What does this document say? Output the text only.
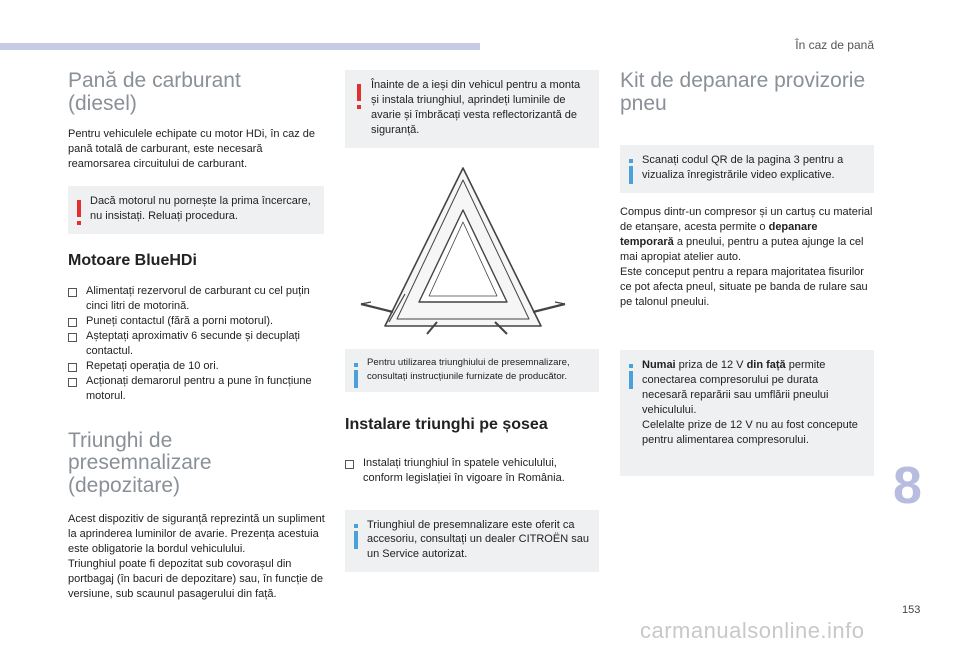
În caz de pană
8
153
carmanualsonline.info
Pană de carburant
(diesel)

Pentru vehiculele echipate cu motor HDi, în caz de pană totală de carburant, este necesară reamorsarea circuitului de carburant.

Dacă motorul nu pornește la prima încercare, nu insistați. Reluați procedura.
Motoare BlueHDi
Alimentați rezervorul de carburant cu cel puțin cinci litri de motorină.
Puneți contactul (fără a porni motorul).
Așteptați aproximativ 6 secunde și decuplați contactul.
Repetați operația de 10 ori.
Acționați demarorul pentru a pune în funcțiune motorul.
Triunghi de
presemnalizare
(depozitare)

Acest dispozitiv de siguranță reprezintă un supliment la aprinderea luminilor de avarie. Prezența acestuia este obligatorie la bordul vehiculului.

Triunghiul poate fi depozitat sub covorașul din portbagaj (în bacuri de depozitare) sau, în funcție de versiune, sub scaunul pasagerului din față.

Înainte de a ieși din vehicul pentru a monta și instala triunghiul, aprindeți luminile de avarie și îmbrăcați vesta reflectorizantă de siguranță.
Pentru utilizarea triunghiului de presemnalizare, consultați instrucțiunile furnizate de producător.
Instalare triunghi pe șosea
Instalați triunghiul în spatele vehiculului, conform legislației în vigoare în România.
Triunghiul de presemnalizare este oferit ca accesoriu, consultați un dealer CITROËN sau un Service autorizat.
Kit de depanare provizorie
pneu
Scanați codul QR de la pagina 3 pentru a vizualiza înregistrările video explicative.

Compus dintr-un compresor și un cartuș cu material de etanșare, acesta permite o depanare temporară a pneului, pentru a putea ajunge la cel mai apropiat atelier auto.

Este conceput pentru a repara majoritatea fisurilor ce pot afecta pneul, situate pe banda de rulare sau pe talonul pneului.

Numai priza de 12 V din față permite conectarea compresorului pe durata necesară reparării sau umflării pneului vehiculului.
Celelalte prize de 12 V nu au fost concepute pentru alimentarea compresorului.
